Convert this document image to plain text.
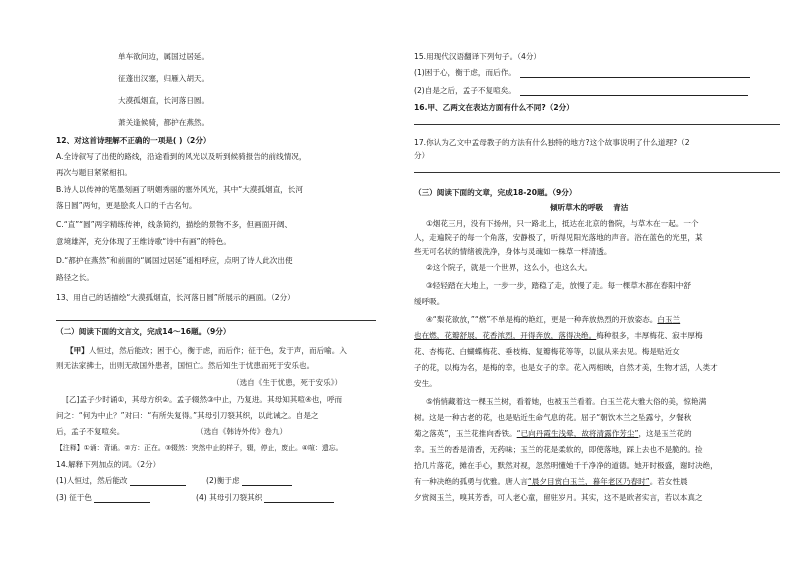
单车欲问边，属国过居延。
征蓬出汉塞，归雁入胡天。
大漠孤烟直，长河落日圆。
萧关逢候骑，都护在燕然。
12、对这首诗理解不正确的一项是( )（2分）
A.全诗叙写了出使的路线，沿途看到的风光以及听到候骑报告的前线情况，
再次与题目紧紧相扣。
B.诗人以传神的笔墨刻画了明媚秀丽的塞外风光，其中“大漠孤烟直，长河
落日圆”两句，更是脍炙人口的千古名句。
C.“直”“圆”两字精练传神，线条简约，描绘的景物不多，但画面开阔、
意境雄浑，充分体现了王维诗歌“诗中有画”的特色。
D.“都护在燕然”和前面的“属国过居延”遥相呼应，点明了诗人此次出使
路径之长。
13、用自己的话描绘“大漠孤烟直，长河落日圆”所展示的画面。（2分）
（二）阅读下面的文言文，完成14～16题。（9分）
【甲】人恒过，然后能改；困于心，衡于虑，而后作；征于色，发于声，而后喻。入
则无法家拂士，出则无敌国外患者，国恒亡。然后知生于忧患而死于安乐也。
（选自《生于忧患，死于安乐》）
[乙]孟子少时诵①，其母方织②。孟子辍然③中止，乃复进。其母知其喧④也，呼而
问之：“何为中止？”对曰：“有所失复得。”其母引刀裂其织，以此诫之。自是之
后，孟子不复喧矣。	（选自《韩诗外传》卷九）
【注释】①诵：背诵。②方：正在。③辍然：突然中止的样子，辍，停止，废止。④喧：遗忘。
14.解释下列加点的词。（2分）
(1)人恒过，然后能改	(2)衡于虑
(3) 征于色	(4) 其母引刀裂其织
15.用现代汉语翻译下列句子。（4分）
(1)困于心，衡于虑，而后作。
(2)自是之后，孟子不复喧矣。
16.甲、乙两文在表达方面有什么不同?（2分）
17.你认为乙文中孟母教子的方法有什么独特的地方?这个故事说明了什么道理?（2
分）
（三）阅读下面的文章，完成18-20题。（9分）
倾听草木的呼吸 青沽
①烟花三月，没有下扬州，只一路北上，抵达在北京的鲁院，与草木在一起。一个
人，走遍院子的每一个角落，安静极了，听得见阳光落地的声音。浴在蓝色的光里，某
些无可名状的情绪被洗净，身体与灵魂如一株草一样清透。
②这个院子，就是一个世界，这么小，也这么大。
③轻轻踏在大地上，一步一步，踏稳了走，放慢了走。每一棵草木都在春阳中舒
缓呼吸。
④“梨花欲放，”“燃”不单是梅的艳红，更是一种奔放热烈的开放姿态。白玉兰
也在燃，花瓣舒展，花香浓烈，开得奔放，落得决绝。梅种很多，丰厚梅花、寂丰厚梅
花、杏梅花、白蝴蝶梅花、垂枝梅、复瓣梅花等等，以鼠从来去见。梅是贴近女
子的花，以梅为名，是梅的幸，也是女子的幸。花入两相映，自然才美，生物才活，人类才
安生。
⑤悄悄藏着这一棵玉兰树，看着她，也被玉兰看着。白玉兰花大雅大俗的美，惊艳满
树。这是一种古老的花，也是贴近生命气息的花。屈子“朝饮木兰之坠露兮，夕餐秋
菊之落英”，玉兰花推向香铁。“已向丹霞生浅晕，故将清露作芳尘”，这是玉兰花的
幸。玉兰的香是清香，无药味；玉兰的花是柔软的，即使落地，踩上去也不是脆的。捡
拾几片落花，摊在手心，默然对视，忽然明懂她千千净净的道德。她开时极盛，谢时决绝，
有一种决绝的孤勇与优雅。唐人言“晨夕目赏白玉兰，暮年老区乃春时”。若女性晨
夕赏阅玉兰，嗅其芳香，可人老心童，留驻岁月。其实，这不是欧者实言，若以本真之
